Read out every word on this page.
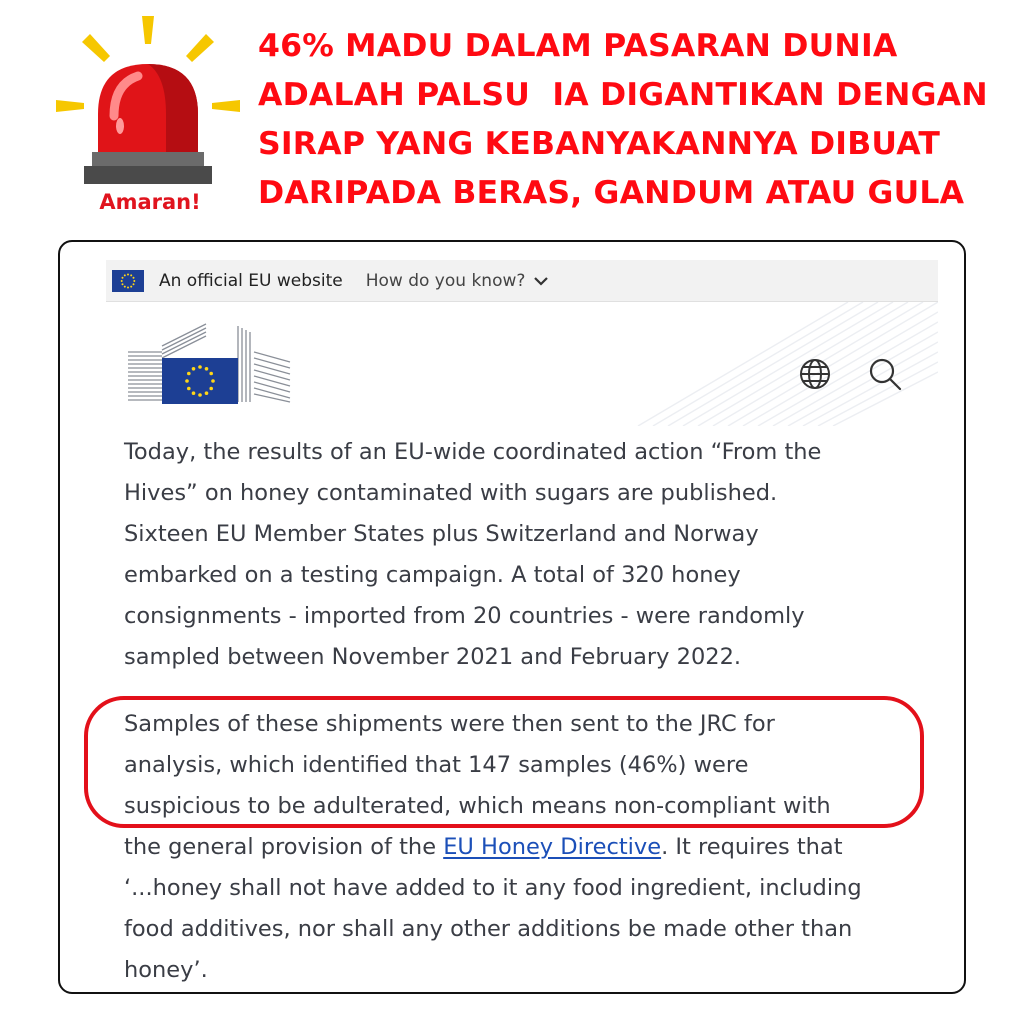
Amaran!
46% MADU DALAM PASARAN DUNIA
ADALAH PALSU  IA DIGANTIKAN DENGAN
SIRAP YANG KEBANYAKANNYA DIBUAT
DARIPADA BERAS, GANDUM ATAU GULA
An official EU website How do you know?
Today, the results of an EU-wide coordinated action “From the
Hives” on honey contaminated with sugars are published.
Sixteen EU Member States plus Switzerland and Norway
embarked on a testing campaign. A total of 320 honey
consignments - imported from 20 countries - were randomly
sampled between November 2021 and February 2022.
Samples of these shipments were then sent to the JRC for
analysis, which identified that 147 samples (46%) were
suspicious to be adulterated, which means non-compliant with
the general provision of the EU Honey Directive. It requires that
‘...honey shall not have added to it any food ingredient, including
food additives, nor shall any other additions be made other than
honey’.
